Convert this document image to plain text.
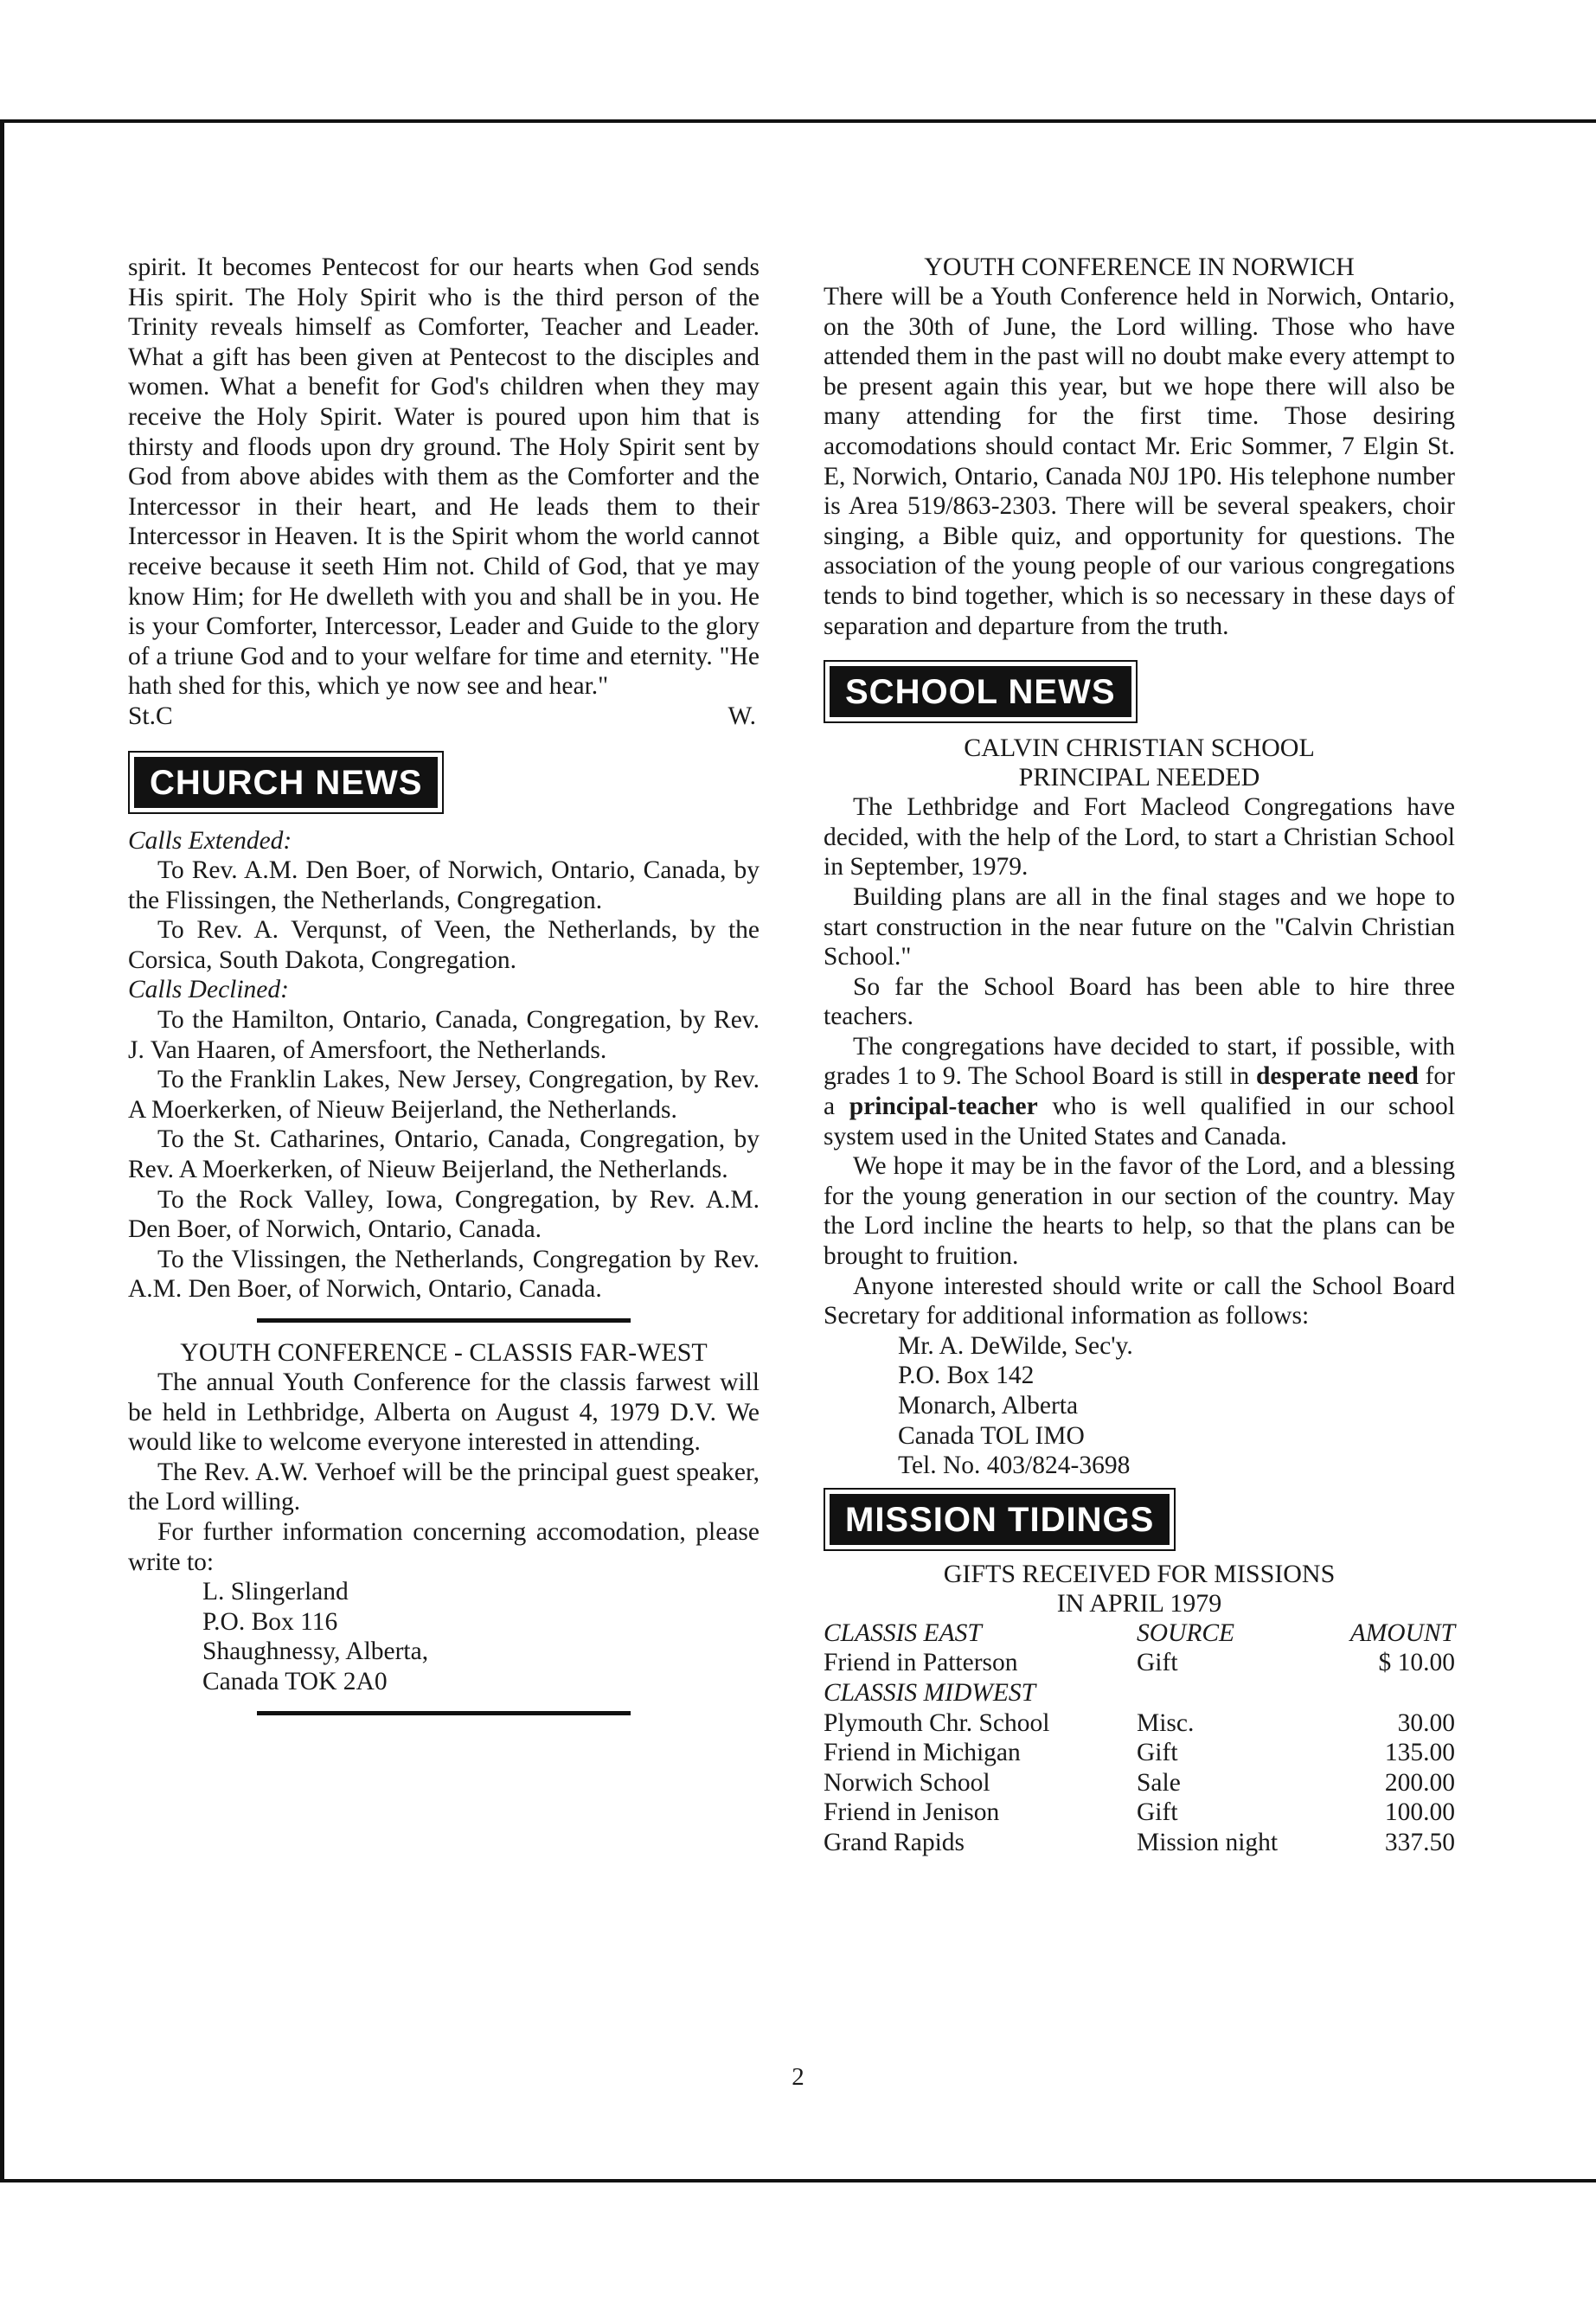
spirit. It becomes Pentecost for our hearts when God sends His spirit. The Holy Spirit who is the third person of the Trinity reveals himself as Comforter, Teacher and Leader. What a gift has been given at Pentecost to the disciples and women. What a benefit for God's children when they may receive the Holy Spirit. Water is poured upon him that is thirsty and floods upon dry ground. The Holy Spirit sent by God from above abides with them as the Comforter and the Intercessor in their heart, and He leads them to their Intercessor in Heaven. It is the Spirit whom the world cannot receive because it seeth Him not. Child of God, that ye may know Him; for He dwelleth with you and shall be in you. He is your Comforter, Intercessor, Leader and Guide to the glory of a triune God and to your welfare for time and eternity. "He hath shed for this, which ye now see and hear."

St.C	W.
CHURCH NEWS

Calls Extended:

To Rev. A.M. Den Boer, of Norwich, Ontario, Canada, by the Flissingen, the Netherlands, Congregation.

To Rev. A. Verqunst, of Veen, the Netherlands, by the Corsica, South Dakota, Congregation.

Calls Declined:

To the Hamilton, Ontario, Canada, Congregation, by Rev. J. Van Haaren, of Amersfoort, the Netherlands.

To the Franklin Lakes, New Jersey, Congregation, by Rev. A Moerkerken, of Nieuw Beijerland, the Netherlands.

To the St. Catharines, Ontario, Canada, Congregation, by Rev. A Moerkerken, of Nieuw Beijerland, the Netherlands.

To the Rock Valley, Iowa, Congregation, by Rev. A.M. Den Boer, of Norwich, Ontario, Canada.

To the Vlissingen, the Netherlands, Congregation by Rev. A.M. Den Boer, of Norwich, Ontario, Canada.

YOUTH CONFERENCE - CLASSIS FAR-WEST

The annual Youth Conference for the classis farwest will be held in Lethbridge, Alberta on August 4, 1979 D.V. We would like to welcome everyone interested in attending.

The Rev. A.W. Verhoef will be the principal guest speaker, the Lord willing.

For further information concerning accomodation, please write to:

L. Slingerland
P.O. Box 116
Shaughnessy, Alberta,
Canada TOK 2A0

YOUTH CONFERENCE IN NORWICH

There will be a Youth Conference held in Norwich, Ontario, on the 30th of June, the Lord willing. Those who have attended them in the past will no doubt make every attempt to be present again this year, but we hope there will also be many attending for the first time. Those desiring accomodations should contact Mr. Eric Sommer, 7 Elgin St. E, Norwich, Ontario, Canada N0J 1P0. His telephone number is Area 519/863-2303. There will be several speakers, choir singing, a Bible quiz, and opportunity for questions. The association of the young people of our various congregations tends to bind together, which is so necessary in these days of separation and departure from the truth.

SCHOOL NEWS

CALVIN CHRISTIAN SCHOOL

PRINCIPAL NEEDED

The Lethbridge and Fort Macleod Congregations have decided, with the help of the Lord, to start a Christian School in September, 1979.

Building plans are all in the final stages and we hope to start construction in the near future on the "Calvin Christian School."

So far the School Board has been able to hire three teachers.

The congregations have decided to start, if possible, with grades 1 to 9. The School Board is still in desperate need for a principal-teacher who is well qualified in our school system used in the United States and Canada.

We hope it may be in the favor of the Lord, and a blessing for the young generation in our section of the country. May the Lord incline the hearts to help, so that the plans can be brought to fruition.

Anyone interested should write or call the School Board Secretary for additional information as follows:

Mr. A. DeWilde, Sec'y.
P.O. Box 142
Monarch, Alberta
Canada TOL IMO
Tel. No. 403/824-3698
MISSION TIDINGS

GIFTS RECEIVED FOR MISSIONS

IN APRIL 1979

CLASSIS EAST	SOURCE	AMOUNT
Friend in Patterson	Gift	$ 10.00
CLASSIS MIDWEST		
Plymouth Chr. School	Misc.	30.00
Friend in Michigan	Gift	135.00
Norwich School	Sale	200.00
Friend in Jenison	Gift	100.00
Grand Rapids	Mission night	337.50
2
